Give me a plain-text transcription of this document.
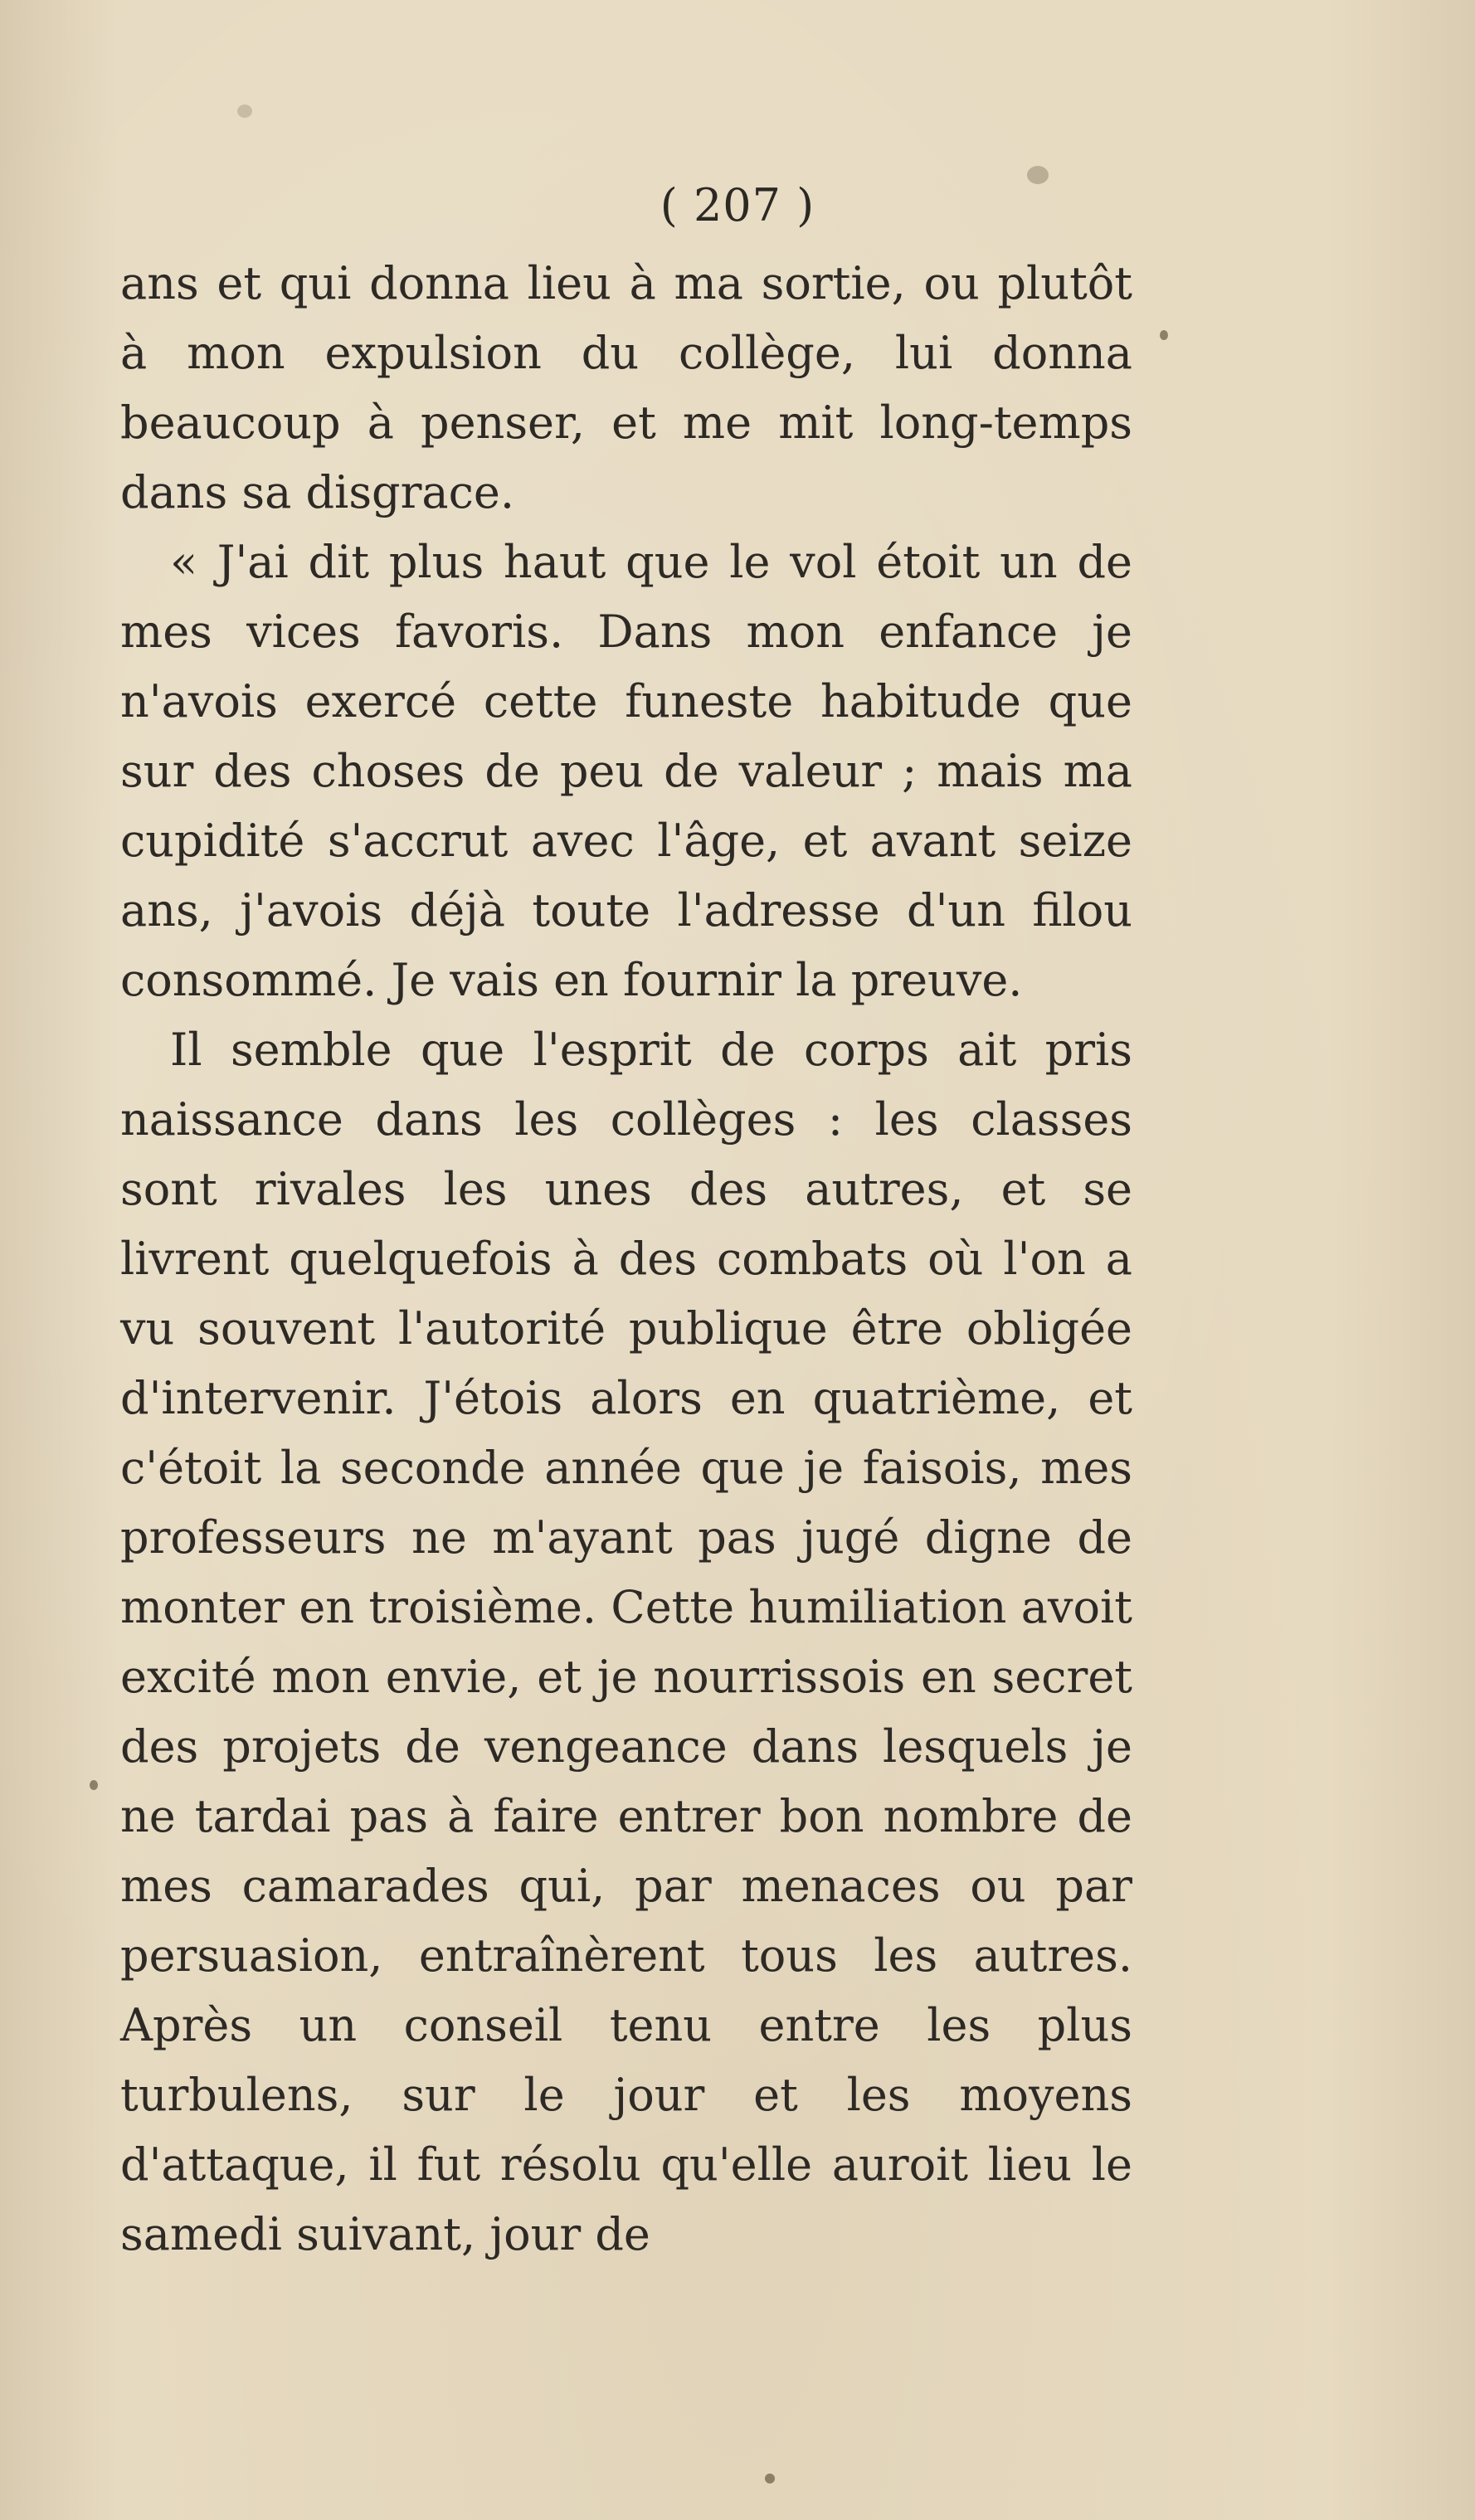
( 207 )

ans et qui donna lieu à ma sortie, ou plutôt à mon expulsion du collège, lui donna beaucoup à penser, et me mit long-temps dans sa disgrace.

« J'ai dit plus haut que le vol étoit un de mes vices favoris. Dans mon enfance je n'avois exercé cette funeste habitude que sur des choses de peu de valeur ; mais ma cupidité s'accrut avec l'âge, et avant seize ans, j'avois déjà toute l'adresse d'un filou consommé. Je vais en fournir la preuve.

Il semble que l'esprit de corps ait pris naissance dans les collèges : les classes sont rivales les unes des autres, et se livrent quelquefois à des combats où l'on a vu souvent l'autorité publique être obligée d'intervenir. J'étois alors en quatrième, et c'étoit la seconde année que je faisois, mes professeurs ne m'ayant pas jugé digne de monter en troisième. Cette humiliation avoit excité mon envie, et je nourrissois en secret des projets de vengeance dans lesquels je ne tardai pas à faire entrer bon nombre de mes camarades qui, par menaces ou par persuasion, entraînèrent tous les autres. Après un conseil tenu entre les plus turbulens, sur le jour et les moyens d'attaque, il fut résolu qu'elle auroit lieu le samedi suivant, jour de
